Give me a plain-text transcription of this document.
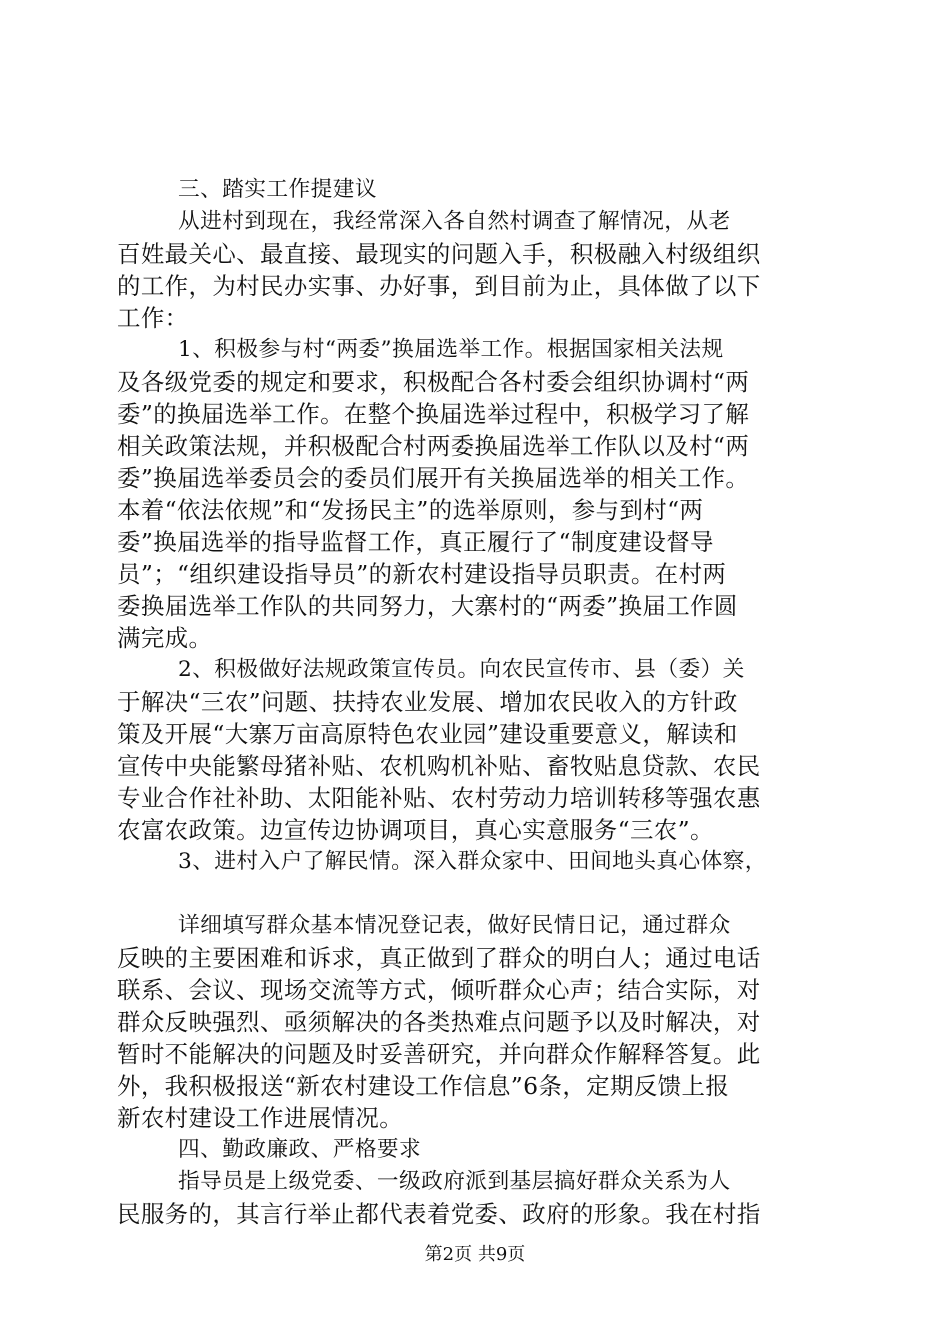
三、踏实工作提建议
从进村到现在，我经常深入各自然村调查了解情况，从老
百姓最关心、最直接、最现实的问题入手，积极融入村级组织
的工作，为村民办实事、办好事，到目前为止，具体做了以下
工作：
1、积极参与村“两委”换届选举工作。根据国家相关法规
及各级党委的规定和要求，积极配合各村委会组织协调村“两
委”的换届选举工作。在整个换届选举过程中，积极学习了解
相关政策法规，并积极配合村两委换届选举工作队以及村“两
委”换届选举委员会的委员们展开有关换届选举的相关工作。
本着“依法依规”和“发扬民主”的选举原则，参与到村“两
委”换届选举的指导监督工作，真正履行了“制度建设督导
员”；“组织建设指导员”的新农村建设指导员职责。在村两
委换届选举工作队的共同努力，大寨村的“两委”换届工作圆
满完成。
2、积极做好法规政策宣传员。向农民宣传市、县（委）关
于解决“三农”问题、扶持农业发展、增加农民收入的方针政
策及开展“大寨万亩高原特色农业园”建设重要意义，解读和
宣传中央能繁母猪补贴、农机购机补贴、畜牧贴息贷款、农民
专业合作社补助、太阳能补贴、农村劳动力培训转移等强农惠
农富农政策。边宣传边协调项目，真心实意服务“三农”。
3、进村入户了解民情。深入群众家中、田间地头真心体察，
详细填写群众基本情况登记表，做好民情日记，通过群众
反映的主要困难和诉求，真正做到了群众的明白人；通过电话
联系、会议、现场交流等方式，倾听群众心声；结合实际，对
群众反映强烈、亟须解决的各类热难点问题予以及时解决，对
暂时不能解决的问题及时妥善研究，并向群众作解释答复。此
外，我积极报送“新农村建设工作信息”6条，定期反馈上报
新农村建设工作进展情况。
四、勤政廉政、严格要求
指导员是上级党委、一级政府派到基层搞好群众关系为人
民服务的，其言行举止都代表着党委、政府的形象。我在村指
第2页 共9页
